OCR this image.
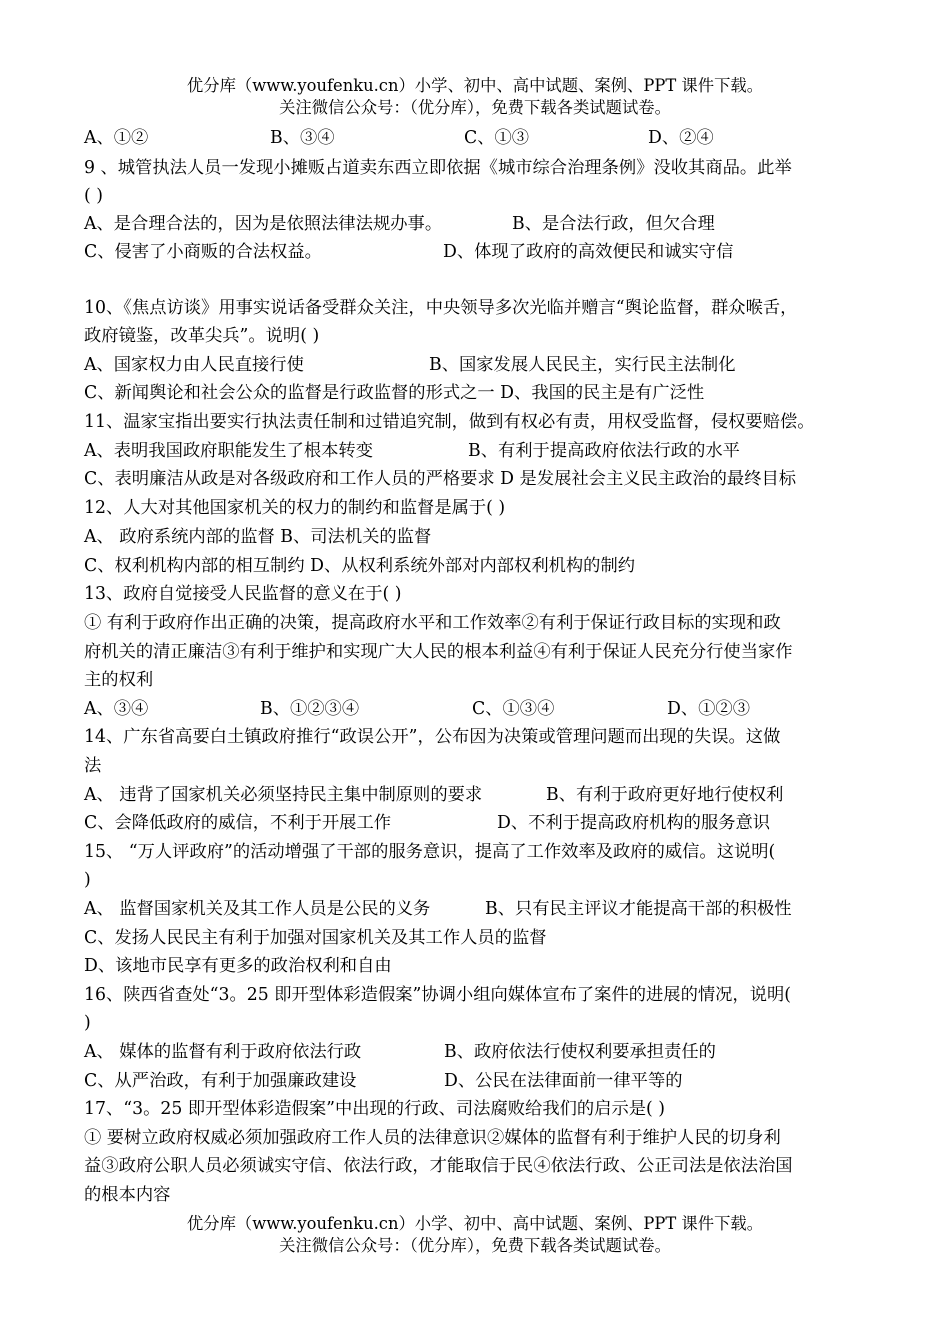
优分库（www.youfenku.cn）小学、初中、高中试题、案例、PPT 课件下载。
关注微信公众号：（优分库），免费下载各类试题试卷。
A、①②	B、③④	C、①③	D、②④
9 、城管执法人员一发现小摊贩占道卖东西立即依据《城市综合治理条例》没收其商品。此举
( )
A、是合理合法的，因为是依照法律法规办事。	B、是合法行政，但欠合理
C、侵害了小商贩的合法权益。	D、体现了政府的高效便民和诚实守信
10、《焦点访谈》用事实说话备受群众关注，中央领导多次光临并赠言“舆论监督，群众喉舌，
政府镜鉴，改革尖兵”。说明( )
A、国家权力由人民直接行使	B、国家发展人民民主，实行民主法制化
C、新闻舆论和社会公众的监督是行政监督的形式之一 D、我国的民主是有广泛性
11、温家宝指出要实行执法责任制和过错追究制，做到有权必有责，用权受监督，侵权要赔偿。
A、表明我国政府职能发生了根本转变	B、有利于提高政府依法行政的水平
C、表明廉洁从政是对各级政府和工作人员的严格要求 D 是发展社会主义民主政治的最终目标
12、人大对其他国家机关的权力的制约和监督是属于( )
A、 政府系统内部的监督 B、司法机关的监督
C、权利机构内部的相互制约 D、从权利系统外部对内部权利机构的制约
13、政府自觉接受人民监督的意义在于( )
① 有利于政府作出正确的决策，提高政府水平和工作效率②有利于保证行政目标的实现和政
府机关的清正廉洁③有利于维护和实现广大人民的根本利益④有利于保证人民充分行使当家作
主的权利
A、③④	B、①②③④	C、①③④	D、①②③
14、广东省高要白土镇政府推行“政误公开”，公布因为决策或管理问题而出现的失误。这做
法
A、 违背了国家机关必须坚持民主集中制原则的要求	B、有利于政府更好地行使权利
C、会降低政府的威信，不利于开展工作	D、不利于提高政府机构的服务意识
15、 “万人评政府”的活动增强了干部的服务意识，提高了工作效率及政府的威信。这说明(
)
A、 监督国家机关及其工作人员是公民的义务	B、只有民主评议才能提高干部的积极性
C、发扬人民民主有利于加强对国家机关及其工作人员的监督
D、该地市民享有更多的政治权利和自由
16、陕西省查处“3。25 即开型体彩造假案”协调小组向媒体宣布了案件的进展的情况，说明(
)
A、 媒体的监督有利于政府依法行政	B、政府依法行使权利要承担责任的
C、从严治政，有利于加强廉政建设	D、公民在法律面前一律平等的
17、“3。25 即开型体彩造假案”中出现的行政、司法腐败给我们的启示是( )
① 要树立政府权威必须加强政府工作人员的法律意识②媒体的监督有利于维护人民的切身利
益③政府公职人员必须诚实守信、依法行政，才能取信于民④依法行政、公正司法是依法治国
的根本内容
优分库（www.youfenku.cn）小学、初中、高中试题、案例、PPT 课件下载。
关注微信公众号：（优分库），免费下载各类试题试卷。
